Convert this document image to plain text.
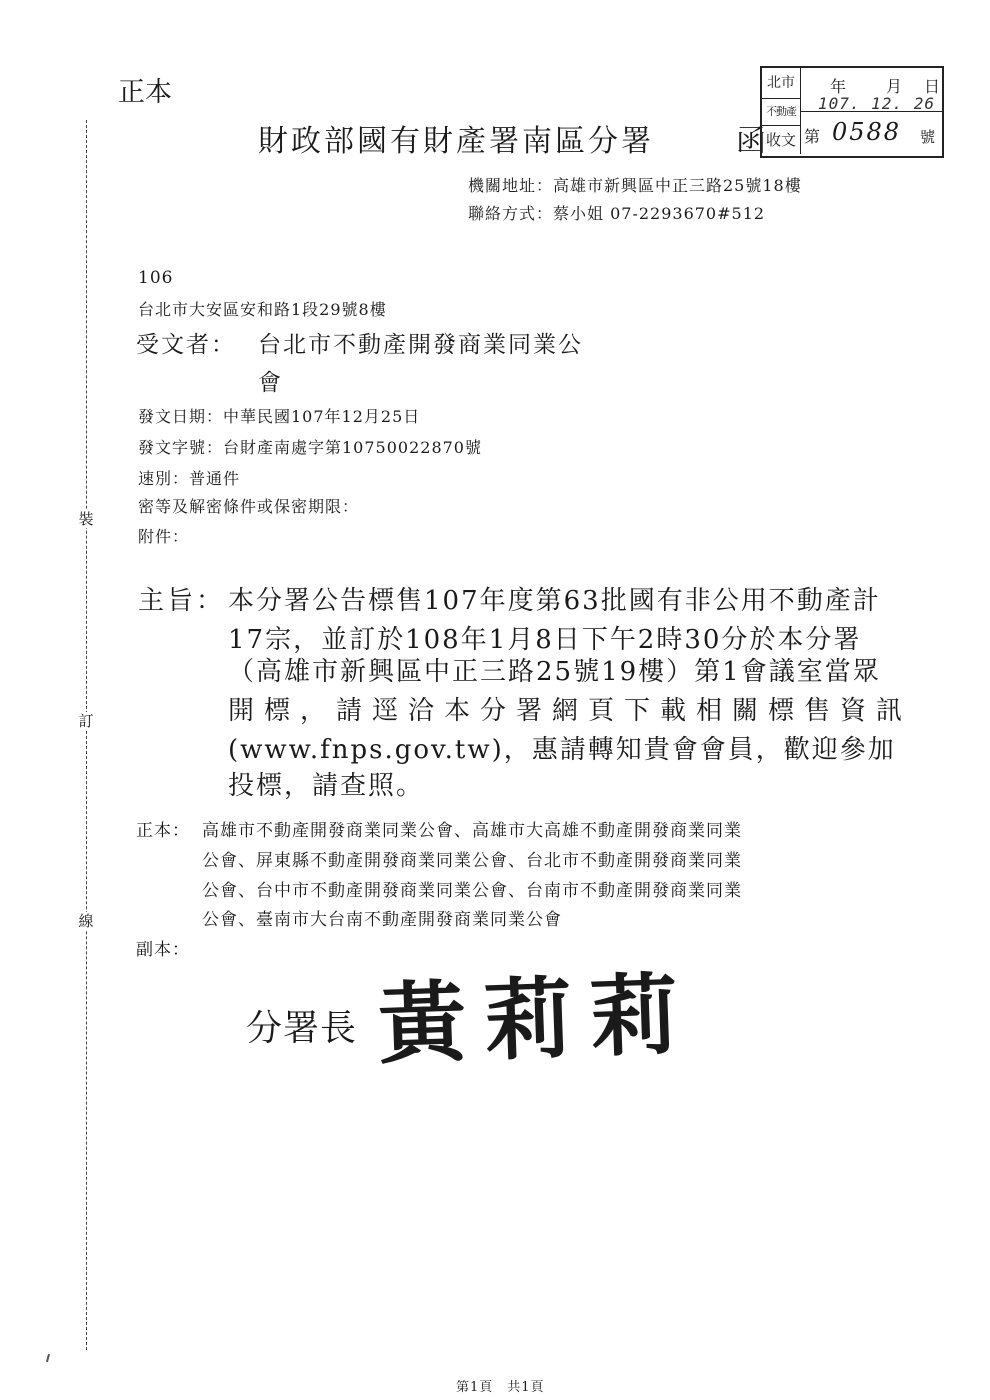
裝
訂
線
正本
財政部國有財產署南區分署	函
北市
不動產
收文
年 月 日
107. 12. 26
第 0588 號
機關地址：高雄市新興區中正三路25號18樓
聯絡方式：蔡小姐 07-2293670#512
106
台北市大安區安和路1段29號8樓
受文者： 台北市不動產開發商業同業公
會
發文日期：中華民國107年12月25日
發文字號：台財產南處字第10750022870號
速別：普通件
密等及解密條件或保密期限：
附件：
主旨： 本分署公告標售107年度第63批國有非公用不動產計
17宗，並訂於108年1月8日下午2時30分於本分署
（高雄市新興區中正三路25號19樓）第1會議室當眾
開標，請逕洽本分署網頁下載相關標售資訊
(www.fnps.gov.tw)，惠請轉知貴會會員，歡迎參加
投標，請查照。
正本： 高雄市不動產開發商業同業公會、高雄市大高雄不動產開發商業同業
公會、屏東縣不動產開發商業同業公會、台北市不動產開發商業同業
公會、台中市不動產開發商業同業公會、台南市不動產開發商業同業
公會、臺南市大台南不動產開發商業同業公會
副本：
分署長 黃莉莉
第1頁　共1頁
